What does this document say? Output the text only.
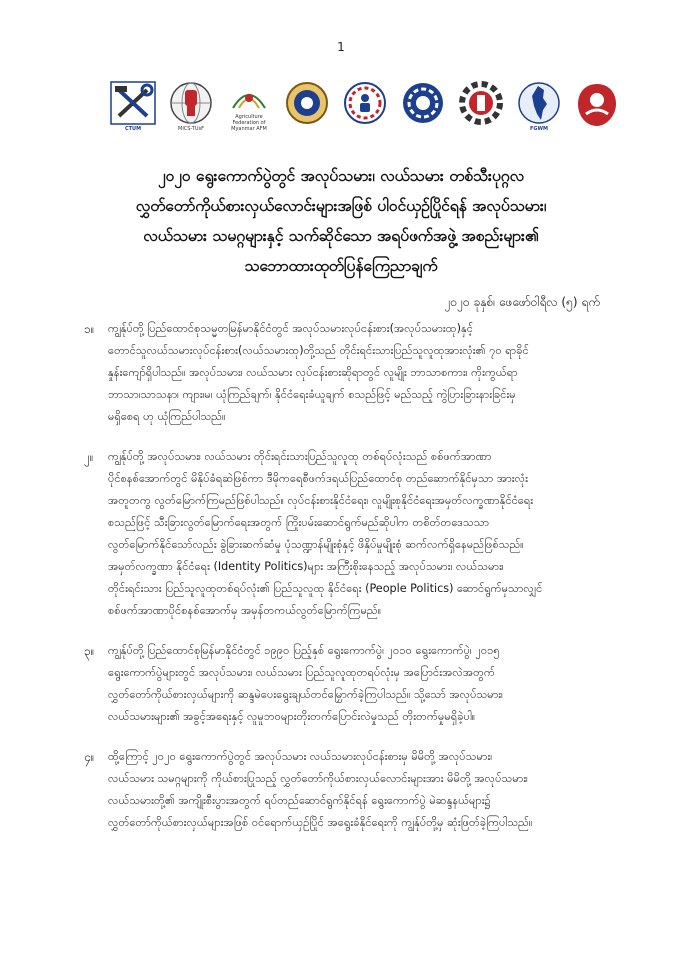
1
CTUM	MICS-TUsF
Agriculture Federation of Myanmar AFM	FGWM
၂၀၂၀ ရွေးကောက်ပွဲတွင် အလုပ်သမား၊ လယ်သမား တစ်သီးပုဂ္ဂလ
လွှတ်တော်ကိုယ်စားလှယ်လောင်းများအဖြစ် ပါဝင်ယှဉ်ပြိုင်ရန် အလုပ်သမား၊
လယ်သမား သမဂ္ဂများနှင့် သက်ဆိုင်သော အရပ်ဖက်အဖွဲ့ အစည်းများ၏
သဘောထားထုတ်ပြန်ကြေညာချက်
၂၀၂၀ ခုနှစ်၊ ဖေဖော်ဝါရီလ (၅) ရက်
၁။	ကျွန်ုပ်တို့ ပြည်ထောင်စုသမ္မတမြန်မာနိုင်ငံတွင် အလုပ်သမားလုပ်ငန်းစား(အလုပ်သမားထု)နှင့်
တောင်သူလယ်သမားလုပ်ငန်းစား(လယ်သမားထု)တို့သည် တိုင်းရင်းသားပြည်သူလူထုအားလုံး၏ ၇၀ ရာခိုင်
နှုန်းကျော်ရှိပါသည်။ အလုပ်သမား၊ လယ်သမား လုပ်ငန်းစားဆိုရာတွင် လူမျိုး ဘာသာစကား၊ ကိုးကွယ်ရာ
ဘာသာ၊သာသနာ၊ ကျား၊မ၊ ယုံကြည်ချက်၊ နိုင်ငံရေးခံယူချက် စသည်ဖြင့် မည်သည့် ကွဲပြားခြားနားခြင်းမှ
မရှိစေရ ဟု ယုံကြည်ပါသည်။
၂။	ကျွန်ုပ်တို့ အလုပ်သမား၊ လယ်သမား တိုင်းရင်းသားပြည်သူလူထု တစ်ရပ်လုံးသည် စစ်ဖက်အာဏာ
ပိုင်စနစ်အောက်တွင် မိနိုပ်ခံရဆဲဖြစ်ကာ ဒီမိုကရေစီဖက်ဒရယ်ပြည်ထောင်စု တည်ဆောက်နိုင်မှသာ အားလုံး
အတူတကွ လွတ်မြောက်ကြမည်ဖြစ်ပါသည်။ လုပ်ငန်းစားနိုင်ငံရေး၊ လူမျိုးစုနိုင်ငံရေးအမှတ်လက္ခဏာနိုင်ငံရေး
စသည်ဖြင့် သီးခြားလွတ်မြောက်ရေးအတွက် ကြိုးပမ်းဆောင်ရွက်မည်ဆိုပါက တစိတ်တဒေသသာ
လွတ်မြောက်နိုင်သော်လည်း ခွဲခြားဆက်ဆံမှု ပုံသဏ္ဍာန်မျိုးစုံနှင့် ဖိနှိပ်မှုမျိုးစုံ ဆက်လက်ရှိနေမည်ဖြစ်သည်။
အမှတ်လက္ခဏာ နိုင်ငံရေး (Identity Politics)များ အကြီးစိုးနေသည့် အလုပ်သမား၊ လယ်သမား၊
တိုင်းရင်းသား ပြည်သူလူထုတစ်ရပ်လုံး၏ ပြည်သူလူထု နိုင်ငံရေး (People Politics) ဆောင်ရွက်မှသာလျှင်
စစ်ဖက်အာဏာပိုင်စနစ်အောက်မှ အမှန်တကယ်လွတ်မြောက်ကြမည်။
၃။	ကျွန်ုပ်တို့ ပြည်ထောင်စုမြန်မာနိုင်ငံတွင် ၁၉၉၀ ပြည့်နှစ် ရွေးကောက်ပွဲ၊ ၂၀၁၀ ရွေးကောက်ပွဲ၊ ၂၀၁၅
ရွေးကောက်ပွဲများတွင် အလုပ်သမား၊ လယ်သမား ပြည်သူလူထုတရပ်လုံးမှ အပြောင်းအလဲအတွက်
လွှတ်တော်ကိုယ်စားလှယ်များကို ဆန္ဒမဲပေးရွေးချယ်တင်မြှောက်ခဲ့ကြပါသည်။ သို့သော် အလုပ်သမား၊
လယ်သမားများ၏ အခွင့်အရေးနှင့် လူမှုဘဝများတိုးတက်ပြောင်းလဲမှုသည် တိုးတက်မှုမရှိခဲ့ပါ။
၄။	ထို့ကြောင့် ၂၀၂၀ ရွေးကောက်ပွဲတွင် အလုပ်သမား လယ်သမားလုပ်ငန်းစားမှ မိမိတို့ အလုပ်သမား၊
လယ်သမား သမဂ္ဂများကို ကိုယ်စားပြုသည့် လွှတ်တော်ကိုယ်စားလှယ်လောင်းများအား မိမိတို့ အလုပ်သမား၊
လယ်သမားတို့၏ အကျိုးစီးပွားအတွက် ရပ်တည်ဆောင်ရွက်နိုင်ရန် ရွေးကောက်ပွဲ မဲဆန္ဒနယ်များ၌
လွှတ်တော်ကိုယ်စားလှယ်များအဖြစ် ဝင်ရောက်ယှဉ်ပြိုင် အရွေးခံနိုင်ရေးကို ကျွန်ုပ်တို့မှ ဆုံးဖြတ်ခဲ့ကြပါသည်။
